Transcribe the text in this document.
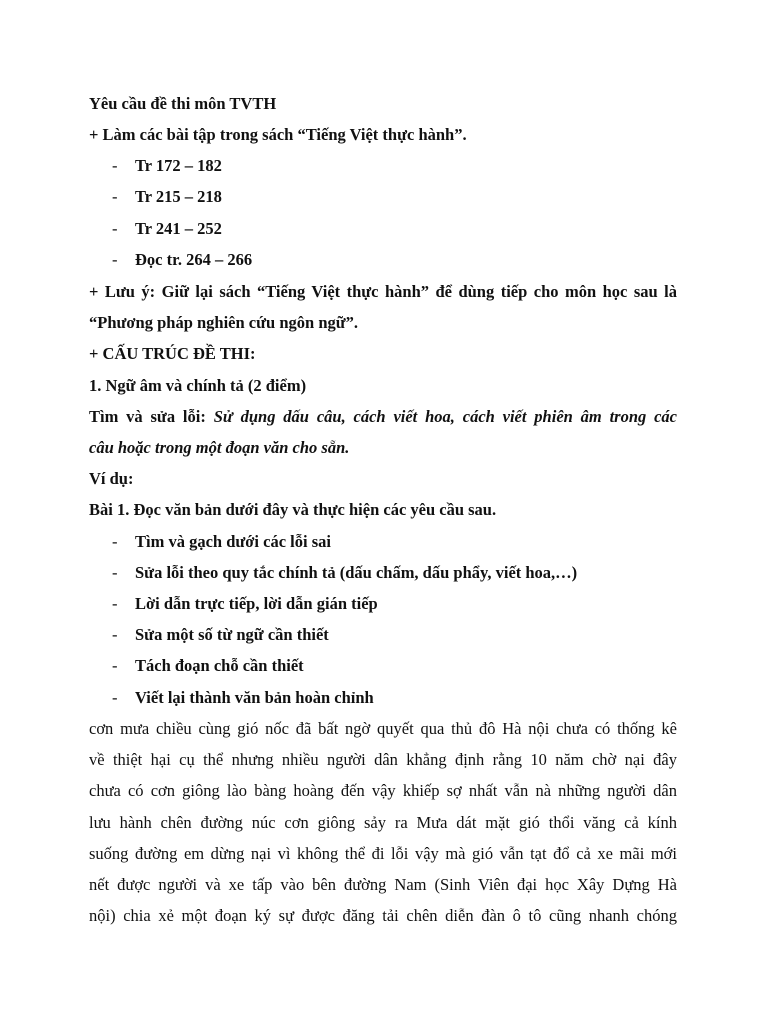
Yêu cầu đề thi môn TVTH
+ Làm các bài tập trong sách “Tiếng Việt thực hành”.
- Tr 172 – 182
- Tr 215 – 218
- Tr 241 – 252
- Đọc tr. 264 – 266
+ Lưu ý: Giữ lại sách “Tiếng Việt thực hành” để dùng tiếp cho môn học sau là
“Phương pháp nghiên cứu ngôn ngữ”.
+ CẤU TRÚC ĐỀ THI:
1. Ngữ âm và chính tả (2 điểm)
Tìm và sửa lỗi: Sử dụng dấu câu, cách viết hoa, cách viết phiên âm trong các
câu hoặc trong một đoạn văn cho sẵn.
Ví dụ:
Bài 1. Đọc văn bản dưới đây và thực hiện các yêu cầu sau.
- Tìm và gạch dưới các lỗi sai
- Sửa lỗi theo quy tắc chính tả (dấu chấm, dấu phẩy, viết hoa,…)
- Lời dẫn trực tiếp, lời dẫn gián tiếp
- Sửa một số từ ngữ cần thiết
- Tách đoạn chỗ cần thiết
- Viết lại thành văn bản hoàn chỉnh
cơn mưa chiều cùng gió nốc đã bất ngờ quyết qua thủ đô Hà nội chưa có thống kê
về thiệt hại cụ thể nhưng nhiều người dân khẳng định rằng 10 năm chờ nại đây
chưa có cơn giông lào bàng hoàng đến vậy khiếp sợ nhất vẫn nà những người dân
lưu hành chên đường núc cơn giông sảy ra Mưa dát mặt gió thổi văng cả kính
suống đường em dừng nại vì không thể đi lỗi vậy mà gió vẫn tạt đổ cả xe mãi mới
nết được người và xe tấp vào bên đường Nam (Sinh Viên đại học Xây Dựng Hà
nội) chia xẻ một đoạn ký sự được đăng tải chên diễn đàn ô tô cũng nhanh chóng
